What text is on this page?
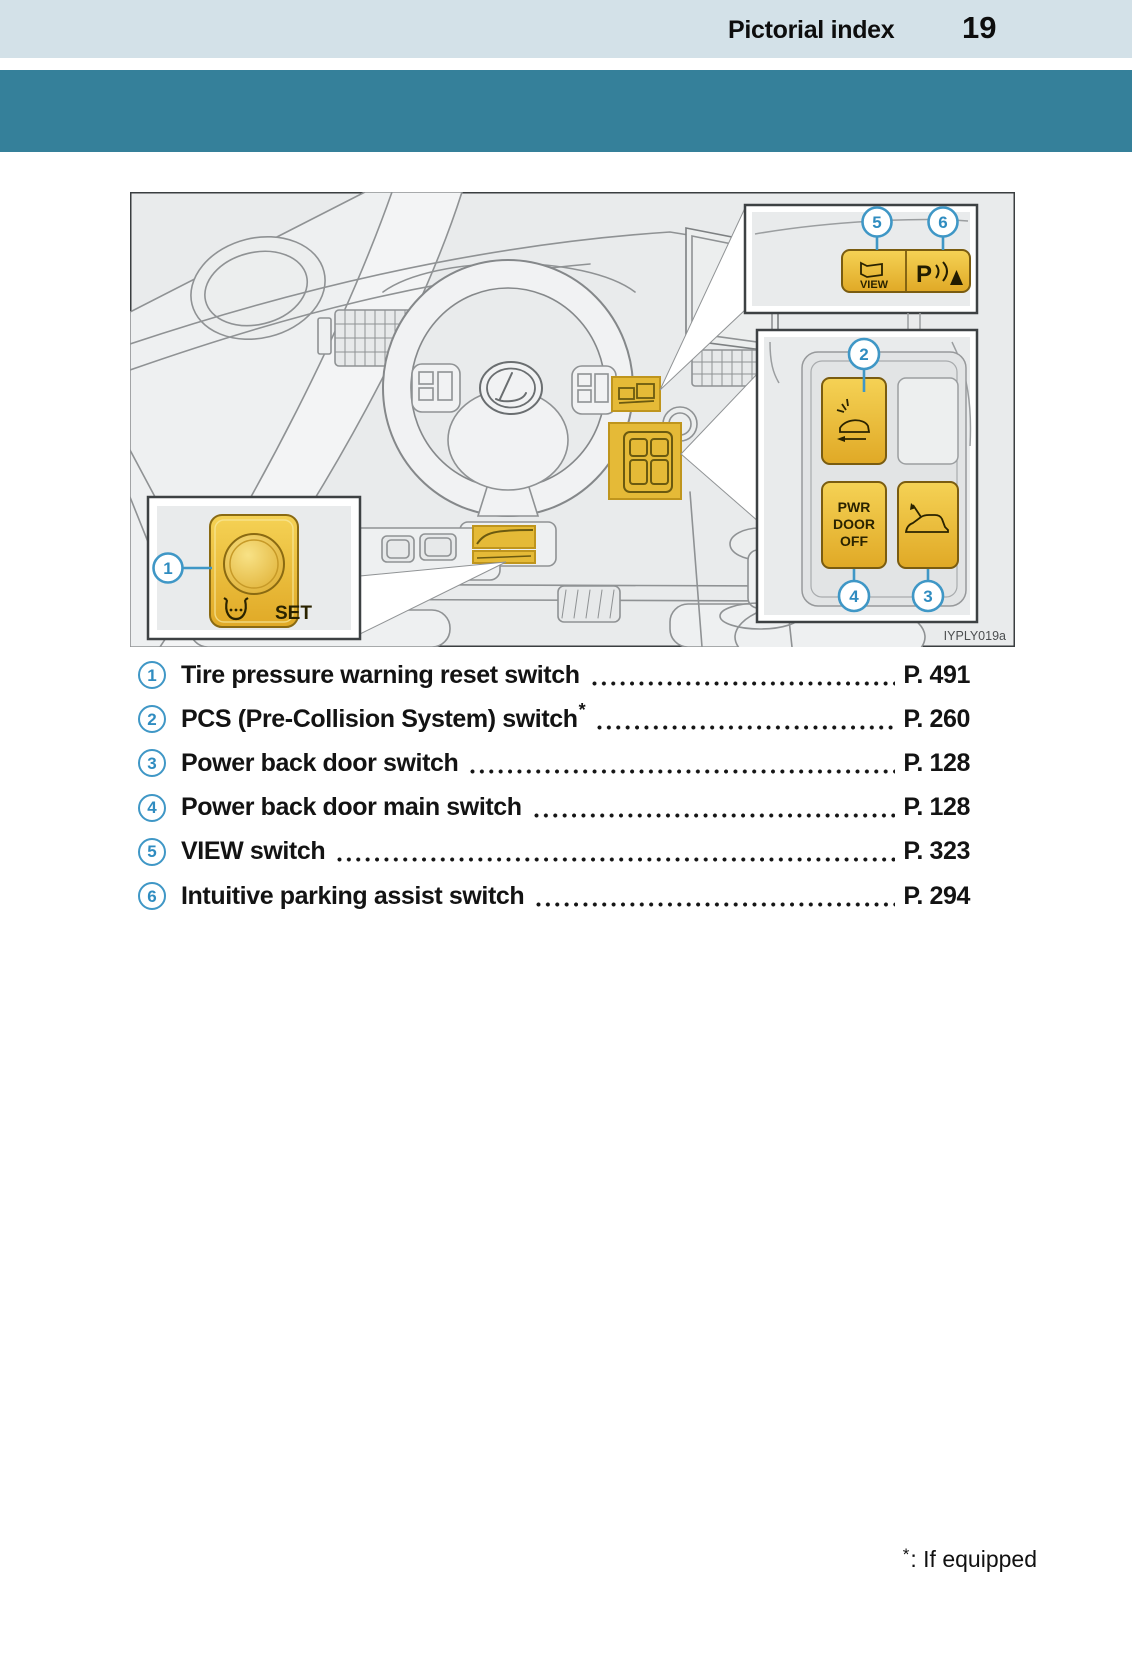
Pictorial index 19
SET
VIEW P
5	6
PWR
DOOR
OFF
2
4	3
1
IYPLY019a
1 Tire pressure warning reset switch	P. 491
2 PCS (Pre-Collision System) switch *	P. 260
3 Power back door switch	P. 128
4 Power back door main switch	P. 128
5 VIEW switch	P. 323
6 Intuitive parking assist switch	P. 294
*: If equipped
